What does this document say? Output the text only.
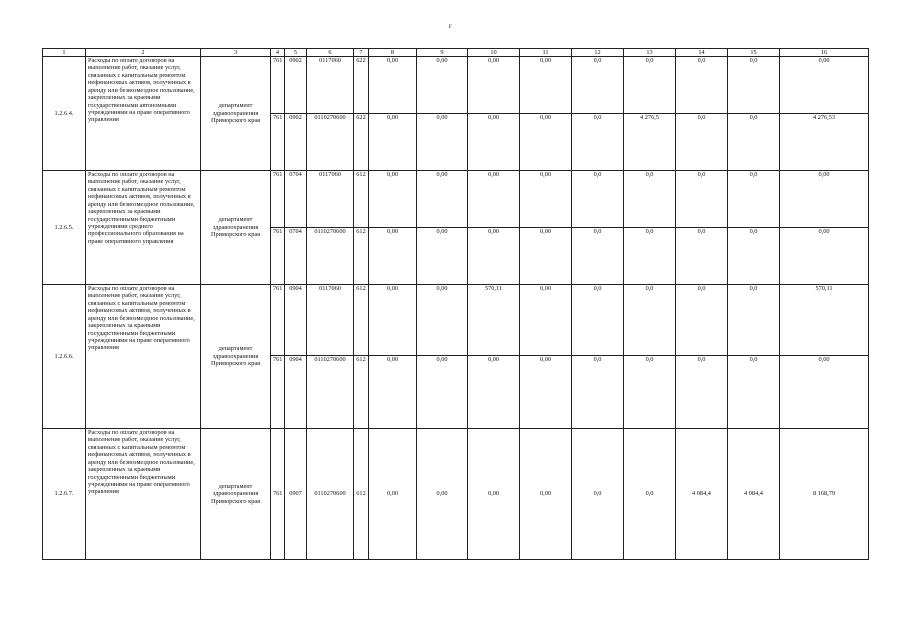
r
1	2	3	4	5	6	7	8	9	10	11	12	13	14	15	16
1.2.6.4.	Расходы по оплате договоров на выполнение работ, оказание услуг, связанных с капитальным ремонтом нефинансовых активов, полученных в аренду или безвозмездное пользование, закрепленных за краевыми государственными автономными учреждениями на праве оперативного управления	департамент здравоохранения Приморского края	761	0902	0117060	622	0,00	0,00	0,00	0,00	0,0	0,0	0,0	0,0	0,00
			761	0902	0110270600	622	0,00	0,00	0,00	0,00	0,0	4 276,5	0,0	0,0	4 276,53
1.2.6.5.	Расходы по оплате договоров на выполнение работ, оказание услуг, связанных с капитальным ремонтом нефинансовых активов, полученных в аренду или безвозмездное пользование, закрепленных за краевыми государственными бюджетными учреждениями среднего профессионального образования на праве оперативного управления	департамент здравоохранения Приморского края	761	0704	0117060	612	0,00	0,00	0,00	0,00	0,0	0,0	0,0	0,0	0,00
			761	0704	0110270600	612	0,00	0,00	0,00	0,00	0,0	0,0	0,0	0,0	0,00
1.2.6.6.	Расходы по оплате договоров на выполнение работ, оказание услуг, связанных с капитальным ремонтом нефинансовых активов, полученных в аренду или безвозмездное пользование, закрепленных за краевыми государственными бюджетными учреждениями на праве оперативного управления	департамент здравоохранения Приморского края	761	0904	0117060	612	0,00	0,00	570,11	0,00	0,0	0,0	0,0	0,0	570,11
			761	0904	0110270600	612	0,00	0,00	0,00	0,00	0,0	0,0	0,0	0,0	0,00
1.2.6.7.	Расходы по оплате договоров на выполнение работ, оказание услуг, связанных с капитальным ремонтом нефинансовых активов, полученных в аренду или безвозмездное пользование, закрепленных за краевыми государственными бюджетными учреждениями на праве оперативного управления	департамент здравоохранения Приморского края	761	0907	0110270600	612	0,00	0,00	0,00	0,00	0,0	0,0	4 084,4	4 084,4	8 168,79
